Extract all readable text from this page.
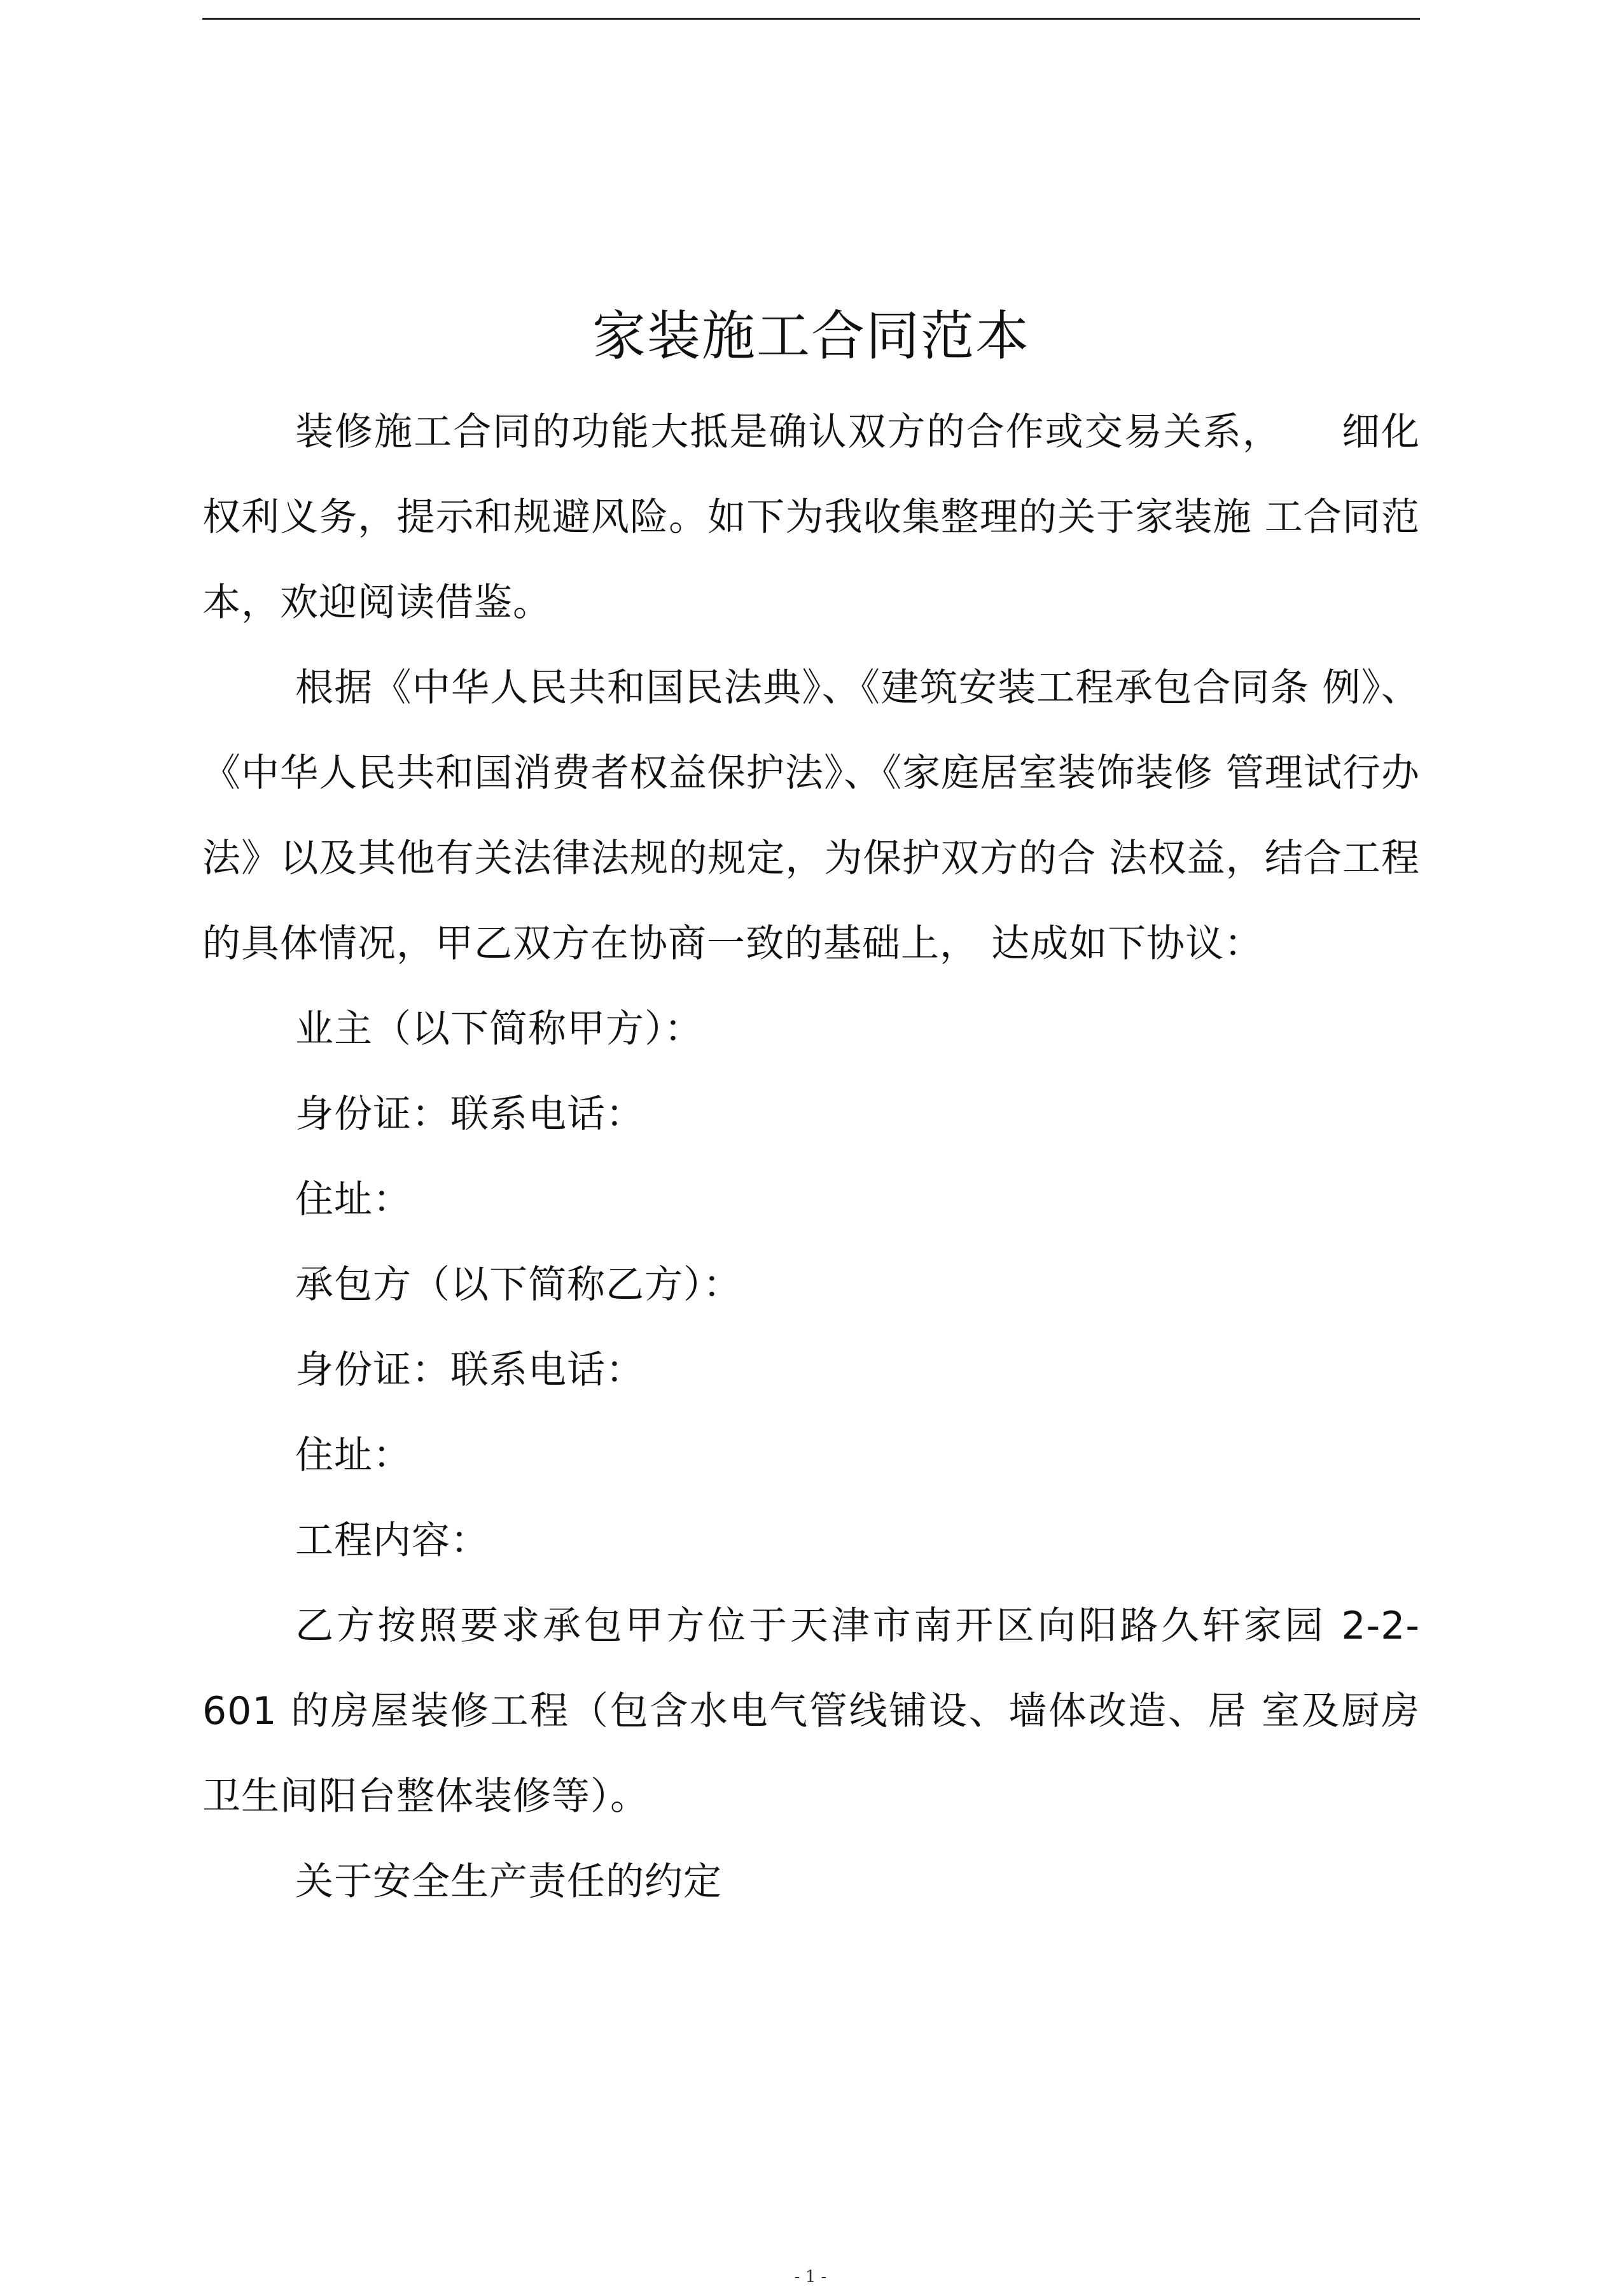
家装施工合同范本

装修施工合同的功能大抵是确认双方的合作或交易关系，　　细化权利义务，提示和规避风险。如下为我收集整理的关于家装施 工合同范本，欢迎阅读借鉴。

根据《中华人民共和国民法典》、《建筑安装工程承包合同条 例》、《中华人民共和国消费者权益保护法》、《家庭居室装饰装修 管理试行办法》以及其他有关法律法规的规定，为保护双方的合 法权益，结合工程的具体情况，甲乙双方在协商一致的基础上， 达成如下协议：

业主（以下简称甲方）：

身份证：联系电话：

住址：

承包方（以下简称乙方）：

身份证：联系电话：

住址：

工程内容：

乙方按照要求承包甲方位于天津市南开区向阳路久轩家园 2-2-601 的房屋装修工程（包含水电气管线铺设、墙体改造、居 室及厨房卫生间阳台整体装修等）。

关于安全生产责任的约定

- 1 -
